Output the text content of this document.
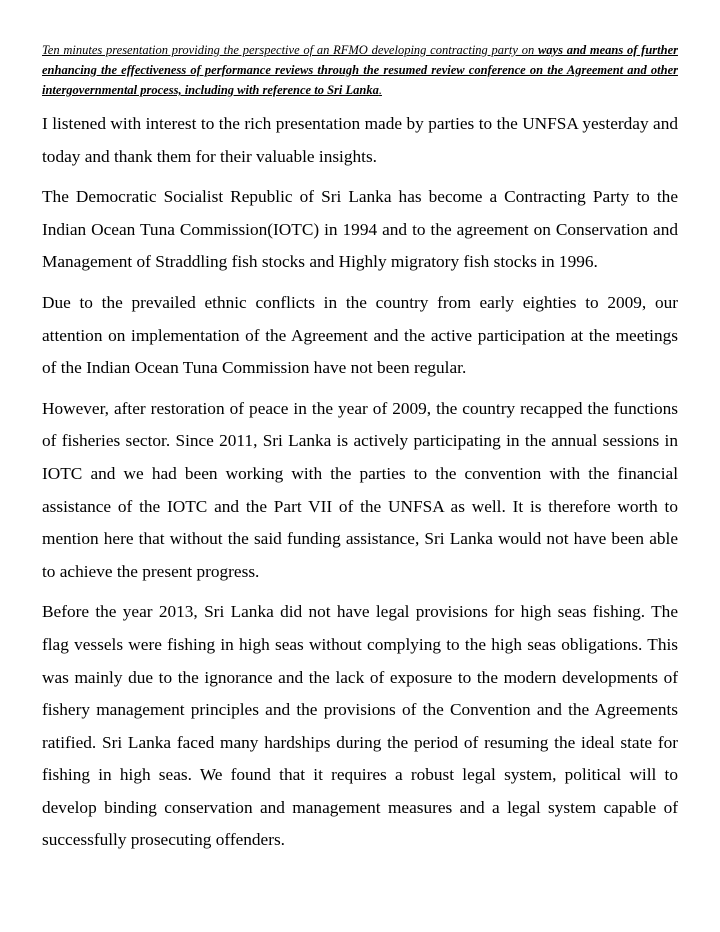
Ten minutes presentation providing the perspective of an RFMO developing contracting party on ways and means of further enhancing the effectiveness of performance reviews through the resumed review conference on the Agreement and other intergovernmental process, including with reference to Sri Lanka.

I listened with interest to the rich presentation made by parties to the UNFSA yesterday and today and thank them for their valuable insights.

The Democratic Socialist Republic of Sri Lanka has become a Contracting Party to the Indian Ocean Tuna Commission(IOTC) in 1994 and to the agreement on Conservation and Management of Straddling fish stocks and Highly migratory fish stocks in 1996.

Due to the prevailed ethnic conflicts in the country from early eighties to 2009, our attention on implementation of the Agreement and the active participation at the meetings of the Indian Ocean Tuna Commission have not been regular.

However, after restoration of peace in the year of 2009, the country recapped the functions of fisheries sector. Since 2011, Sri Lanka is actively participating in the annual sessions in IOTC and we had been working with the parties to the convention with the financial assistance of the IOTC and the Part VII of the UNFSA as well. It is therefore worth to mention here that without the said funding assistance, Sri Lanka would not have been able to achieve the present progress.

Before the year 2013, Sri Lanka did not have legal provisions for high seas fishing. The flag vessels were fishing in high seas without complying to the high seas obligations. This was mainly due to the ignorance and the lack of exposure to the modern developments of fishery management principles and the provisions of the Convention and the Agreements ratified. Sri Lanka faced many hardships during the period of resuming the ideal state for fishing in high seas. We found that it requires a robust legal system, political will to develop binding conservation and management measures and a legal system capable of successfully prosecuting offenders.
